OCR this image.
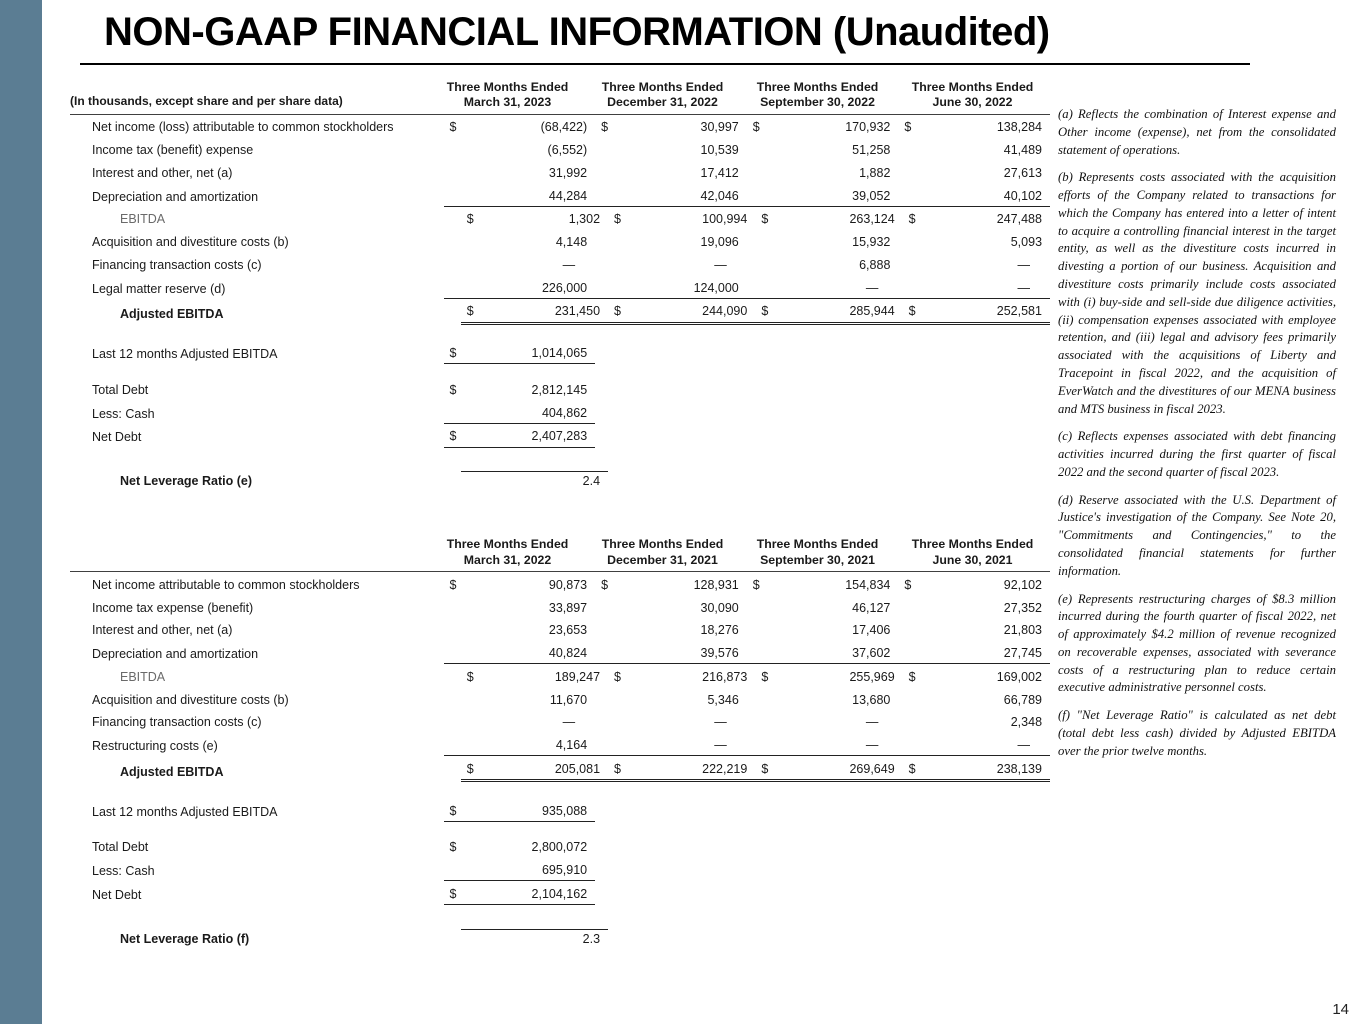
NON-GAAP FINANCIAL INFORMATION (Unaudited)
(In thousands, except share and per share data)
Three Months Ended
March 31, 2023
Three Months Ended
December 31, 2022
Three Months Ended
September 30, 2022
Three Months Ended
June 30, 2022
Net income (loss) attributable to common stockholders	$	(68,422) $	30,997 $	170,932 $	138,284
Income tax (benefit) expense	(6,552)	10,539	51,258	41,489
Interest and other, net (a)	31,992	17,412	1,882	27,613
Depreciation and amortization	44,284	42,046	39,052	40,102
EBITDA	$	1,302 $	100,994 $	263,124 $	247,488
Acquisition and divestiture costs (b)	4,148	19,096	15,932	5,093
Financing transaction costs (c)	—	—	6,888	—
Legal matter reserve (d)	226,000	124,000	—	—
Adjusted EBITDA	$	231,450 $	244,090 $	285,944 $	252,581
Last 12 months Adjusted EBITDA	$	1,014,065
Total Debt	$	2,812,145
Less: Cash	404,862
Net Debt	$	2,407,283
Net Leverage Ratio (e)	2.4
Three Months Ended
March 31, 2022
Three Months Ended
December 31, 2021
Three Months Ended
September 30, 2021
Three Months Ended
June 30, 2021
Net income attributable to common stockholders	$	90,873 $	128,931 $	154,834 $	92,102
Income tax expense (benefit)	33,897	30,090	46,127	27,352
Interest and other, net (a)	23,653	18,276	17,406	21,803
Depreciation and amortization	40,824	39,576	37,602	27,745
EBITDA	$	189,247 $	216,873 $	255,969 $	169,002
Acquisition and divestiture costs (b)	11,670	5,346	13,680	66,789
Financing transaction costs (c)	—	—	—	2,348
Restructuring costs (e)	4,164	—	—	—
Adjusted EBITDA	$	205,081 $	222,219 $	269,649 $	238,139
Last 12 months Adjusted EBITDA	$	935,088
Total Debt	$	2,800,072
Less: Cash	695,910
Net Debt	$	2,104,162
Net Leverage Ratio (f)	2.3

(a) Reflects the combination of Interest expense and Other income (expense), net from the consolidated statement of operations.

(b) Represents costs associated with the acquisition efforts of the Company related to transactions for which the Company has entered into a letter of intent to acquire a controlling financial interest in the target entity, as well as the divestiture costs incurred in divesting a portion of our business. Acquisition and divestiture costs primarily include costs associated with (i) buy-side and sell-side due diligence activities, (ii) compensation expenses associated with employee retention, and (iii) legal and advisory fees primarily associated with the acquisitions of Liberty and Tracepoint in fiscal 2022, and the acquisition of EverWatch and the divestitures of our MENA business and MTS business in fiscal 2023.

(c) Reflects expenses associated with debt financing activities incurred during the first quarter of fiscal 2022 and the second quarter of fiscal 2023.

(d) Reserve associated with the U.S. Department of Justice's investigation of the Company. See Note 20, "Commitments and Contingencies," to the consolidated financial statements for further information.

(e) Represents restructuring charges of $8.3 million incurred during the fourth quarter of fiscal 2022, net of approximately $4.2 million of revenue recognized on recoverable expenses, associated with severance costs of a restructuring plan to reduce certain executive administrative personnel costs.

(f) "Net Leverage Ratio" is calculated as net debt (total debt less cash) divided by Adjusted EBITDA over the prior twelve months.

14
